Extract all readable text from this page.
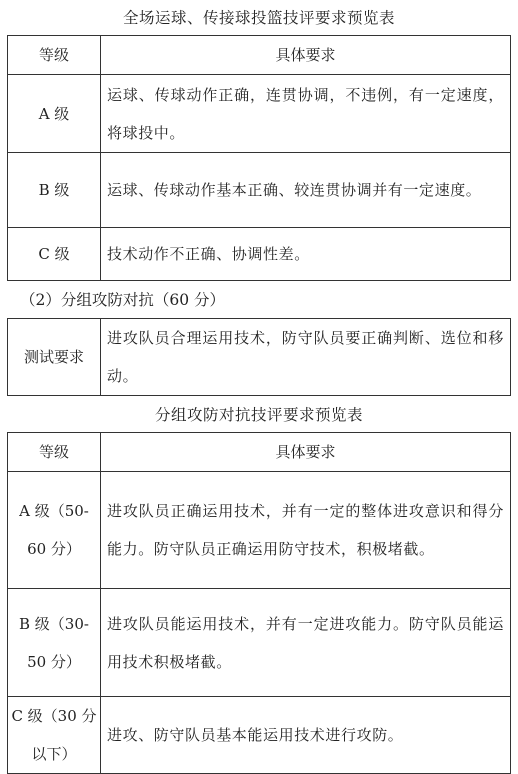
全场运球、传接球投篮技评要求预览表
等级	具体要求
A 级	运球、传球动作正确，连贯协调，不违例，有一定速度，将球投中。
B 级	运球、传球动作基本正确、较连贯协调并有一定速度。
C 级	技术动作不正确、协调性差。
（2）分组攻防对抗（60 分）
测试要求	进攻队员合理运用技术，防守队员要正确判断、选位和移动。
分组攻防对抗技评要求预览表
等级	具体要求
A 级（50-60 分）	进攻队员正确运用技术，并有一定的整体进攻意识和得分能力。防守队员正确运用防守技术，积极堵截。
B 级（30-50 分）	进攻队员能运用技术，并有一定进攻能力。防守队员能运用技术积极堵截。
C 级（30 分以下）	进攻、防守队员基本能运用技术进行攻防。
